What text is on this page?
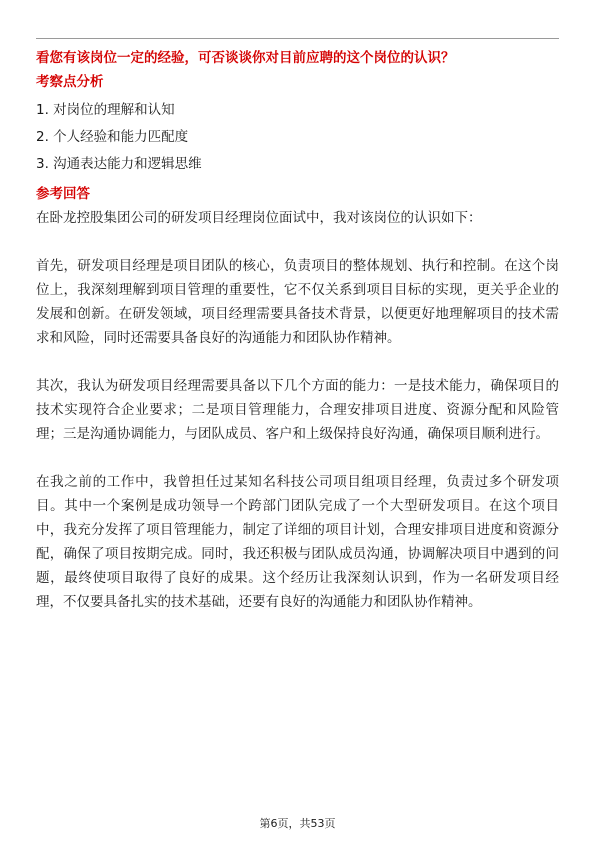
看您有该岗位一定的经验，可否谈谈你对目前应聘的这个岗位的认识？

考察点分析

1. 对岗位的理解和认知
2. 个人经验和能力匹配度
3. 沟通表达能力和逻辑思维

参考回答

在卧龙控股集团公司的研发项目经理岗位面试中，我对该岗位的认识如下：

首先，研发项目经理是项目团队的核心，负责项目的整体规划、执行和控制。在这个岗位上，我深刻理解到项目管理的重要性，它不仅关系到项目目标的实现，更关乎企业的发展和创新。在研发领域，项目经理需要具备技术背景，以便更好地理解项目的技术需求和风险，同时还需要具备良好的沟通能力和团队协作精神。

其次，我认为研发项目经理需要具备以下几个方面的能力：一是技术能力，确保项目的技术实现符合企业要求；二是项目管理能力，合理安排项目进度、资源分配和风险管理；三是沟通协调能力，与团队成员、客户和上级保持良好沟通，确保项目顺利进行。

在我之前的工作中，我曾担任过某知名科技公司项目组项目经理，负责过多个研发项目。其中一个案例是成功领导一个跨部门团队完成了一个大型研发项目。在这个项目中，我充分发挥了项目管理能力，制定了详细的项目计划，合理安排项目进度和资源分配，确保了项目按期完成。同时，我还积极与团队成员沟通，协调解决项目中遇到的问题，最终使项目取得了良好的成果。这个经历让我深刻认识到，作为一名研发项目经理，不仅要具备扎实的技术基础，还要有良好的沟通能力和团队协作精神。

第6页，共53页
